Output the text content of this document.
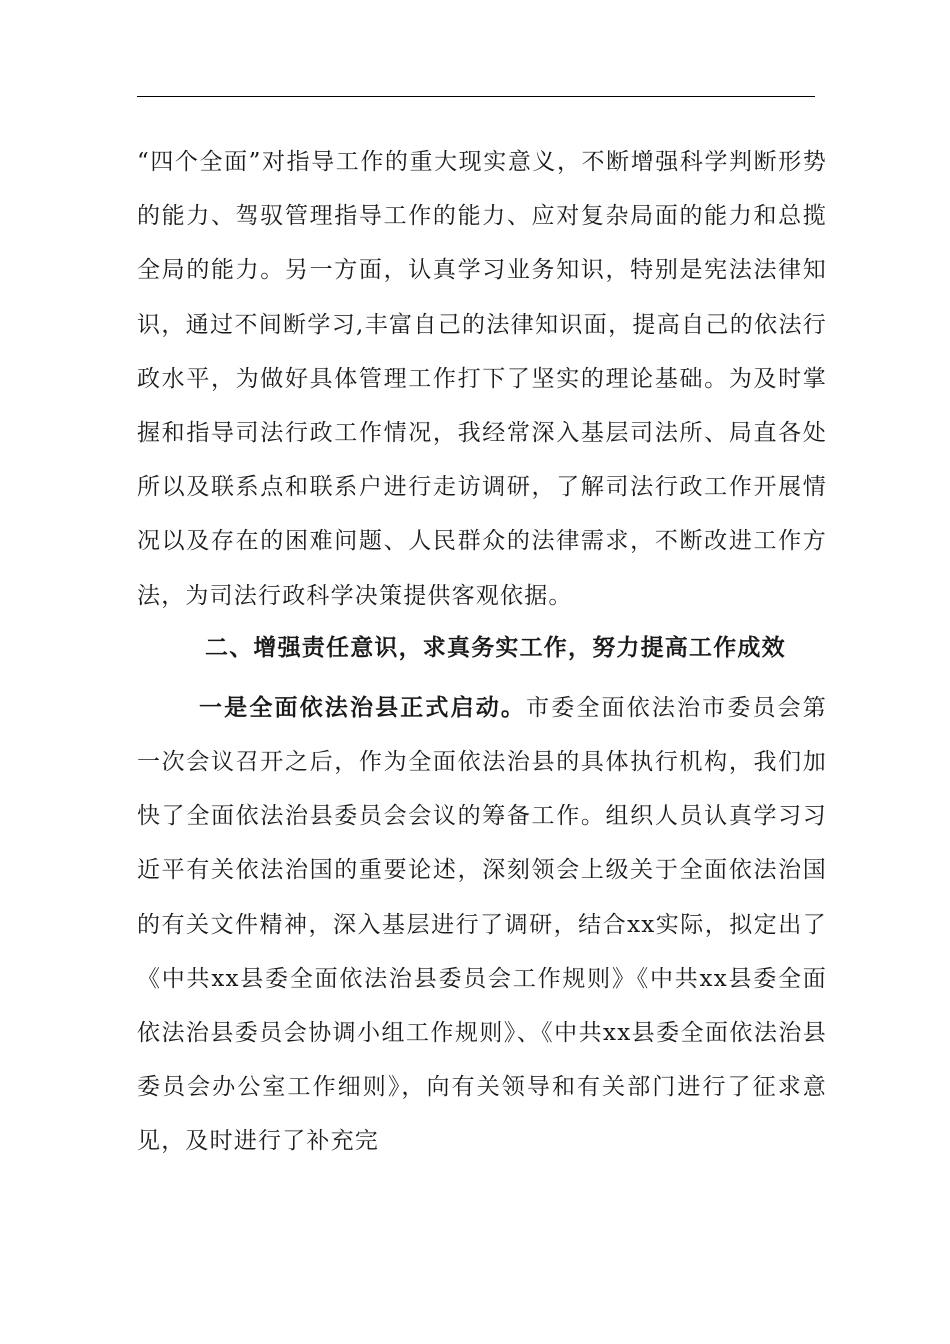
“四个全面”对指导工作的重大现实意义，不断增强科学判断形势的能力、驾驭管理指导工作的能力、应对复杂局面的能力和总揽全局的能力。另一方面，认真学习业务知识，特别是宪法法律知识，通过不间断学习,丰富自己的法律知识面，提高自己的依法行政水平，为做好具体管理工作打下了坚实的理论基础。为及时掌握和指导司法行政工作情况，我经常深入基层司法所、局直各处所以及联系点和联系户进行走访调研，了解司法行政工作开展情况以及存在的困难问题、人民群众的法律需求，不断改进工作方法，为司法行政科学决策提供客观依据。

二、增强责任意识，求真务实工作，努力提高工作成效

一是全面依法治县正式启动。市委全面依法治市委员会第一次会议召开之后，作为全面依法治县的具体执行机构，我们加快了全面依法治县委员会会议的筹备工作。组织人员认真学习习近平有关依法治国的重要论述，深刻领会上级关于全面依法治国的有关文件精神，深入基层进行了调研，结合xx实际，拟定出了《中共xx县委全面依法治县委员会工作规则》《中共xx县委全面依法治县委员会协调小组工作规则》、《中共xx县委全面依法治县委员会办公室工作细则》，向有关领导和有关部门进行了征求意见，及时进行了补充完
